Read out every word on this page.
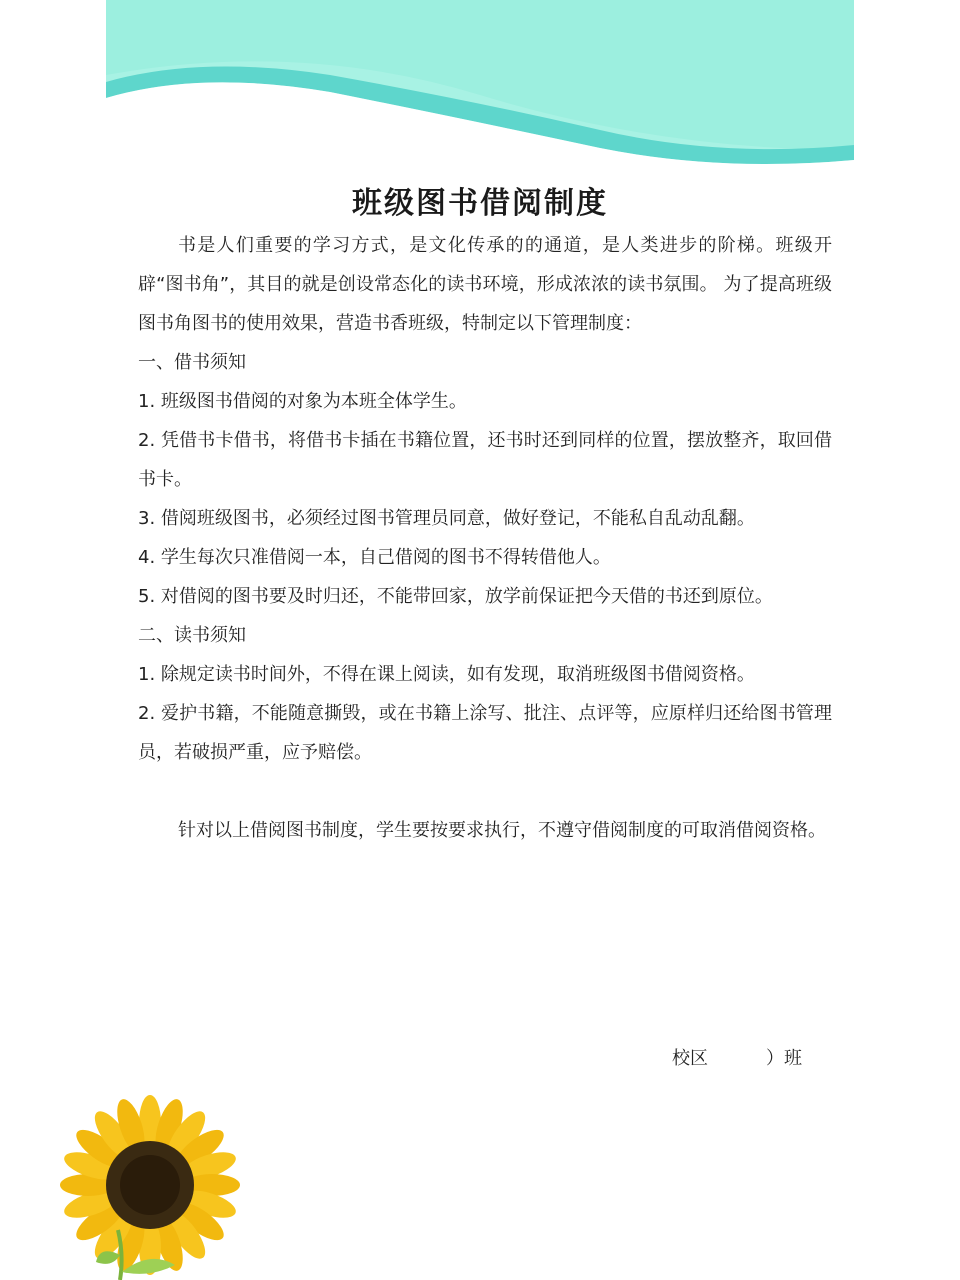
班级图书借阅制度

书是人们重要的学习方式，是文化传承的的通道，是人类进步的阶梯。班级开辟“图书角”，其目的就是创设常态化的读书环境，形成浓浓的读书氛围。 为了提高班级图书角图书的使用效果，营造书香班级，特制定以下管理制度：

一、借书须知

1. 班级图书借阅的对象为本班全体学生。

2. 凭借书卡借书，将借书卡插在书籍位置，还书时还到同样的位置，摆放整齐，取回借书卡。

3. 借阅班级图书，必须经过图书管理员同意，做好登记，不能私自乱动乱翻。

4. 学生每次只准借阅一本，自己借阅的图书不得转借他人。

5. 对借阅的图书要及时归还，不能带回家，放学前保证把今天借的书还到原位。

二、读书须知

1. 除规定读书时间外，不得在课上阅读，如有发现，取消班级图书借阅资格。

2. 爱护书籍，不能随意撕毁，或在书籍上涂写、批注、点评等，应原样归还给图书管理员，若破损严重，应予赔偿。

针对以上借阅图书制度，学生要按要求执行，不遵守借阅制度的可取消借阅资格。

校区	）班
